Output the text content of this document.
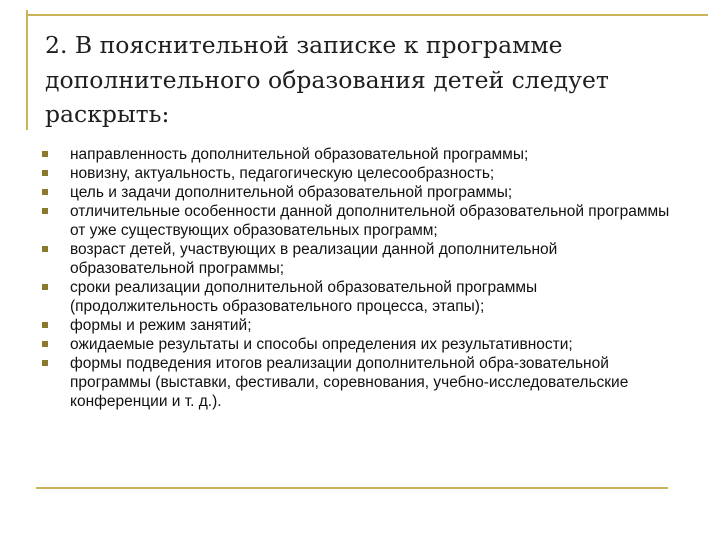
2. В пояснительной записке к программе дополнительного образования детей следует раскрыть:
направленность дополнительной образовательной программы;
новизну, актуальность, педагогическую целесообразность;
цель и задачи дополнительной образовательной программы;
отличительные особенности данной дополнительной образовательной программы от уже существующих образовательных программ;
возраст детей, участвующих в реализации данной дополнительной образовательной программы;
сроки реализации дополнительной образовательной программы (продолжительность образовательного процесса, этапы);
формы и режим занятий;
ожидаемые результаты и способы определения их результативности;
формы подведения итогов реализации дополнительной обра-зовательной программы (выставки, фестивали, соревнования, учебно-исследовательские конференции и т. д.).
